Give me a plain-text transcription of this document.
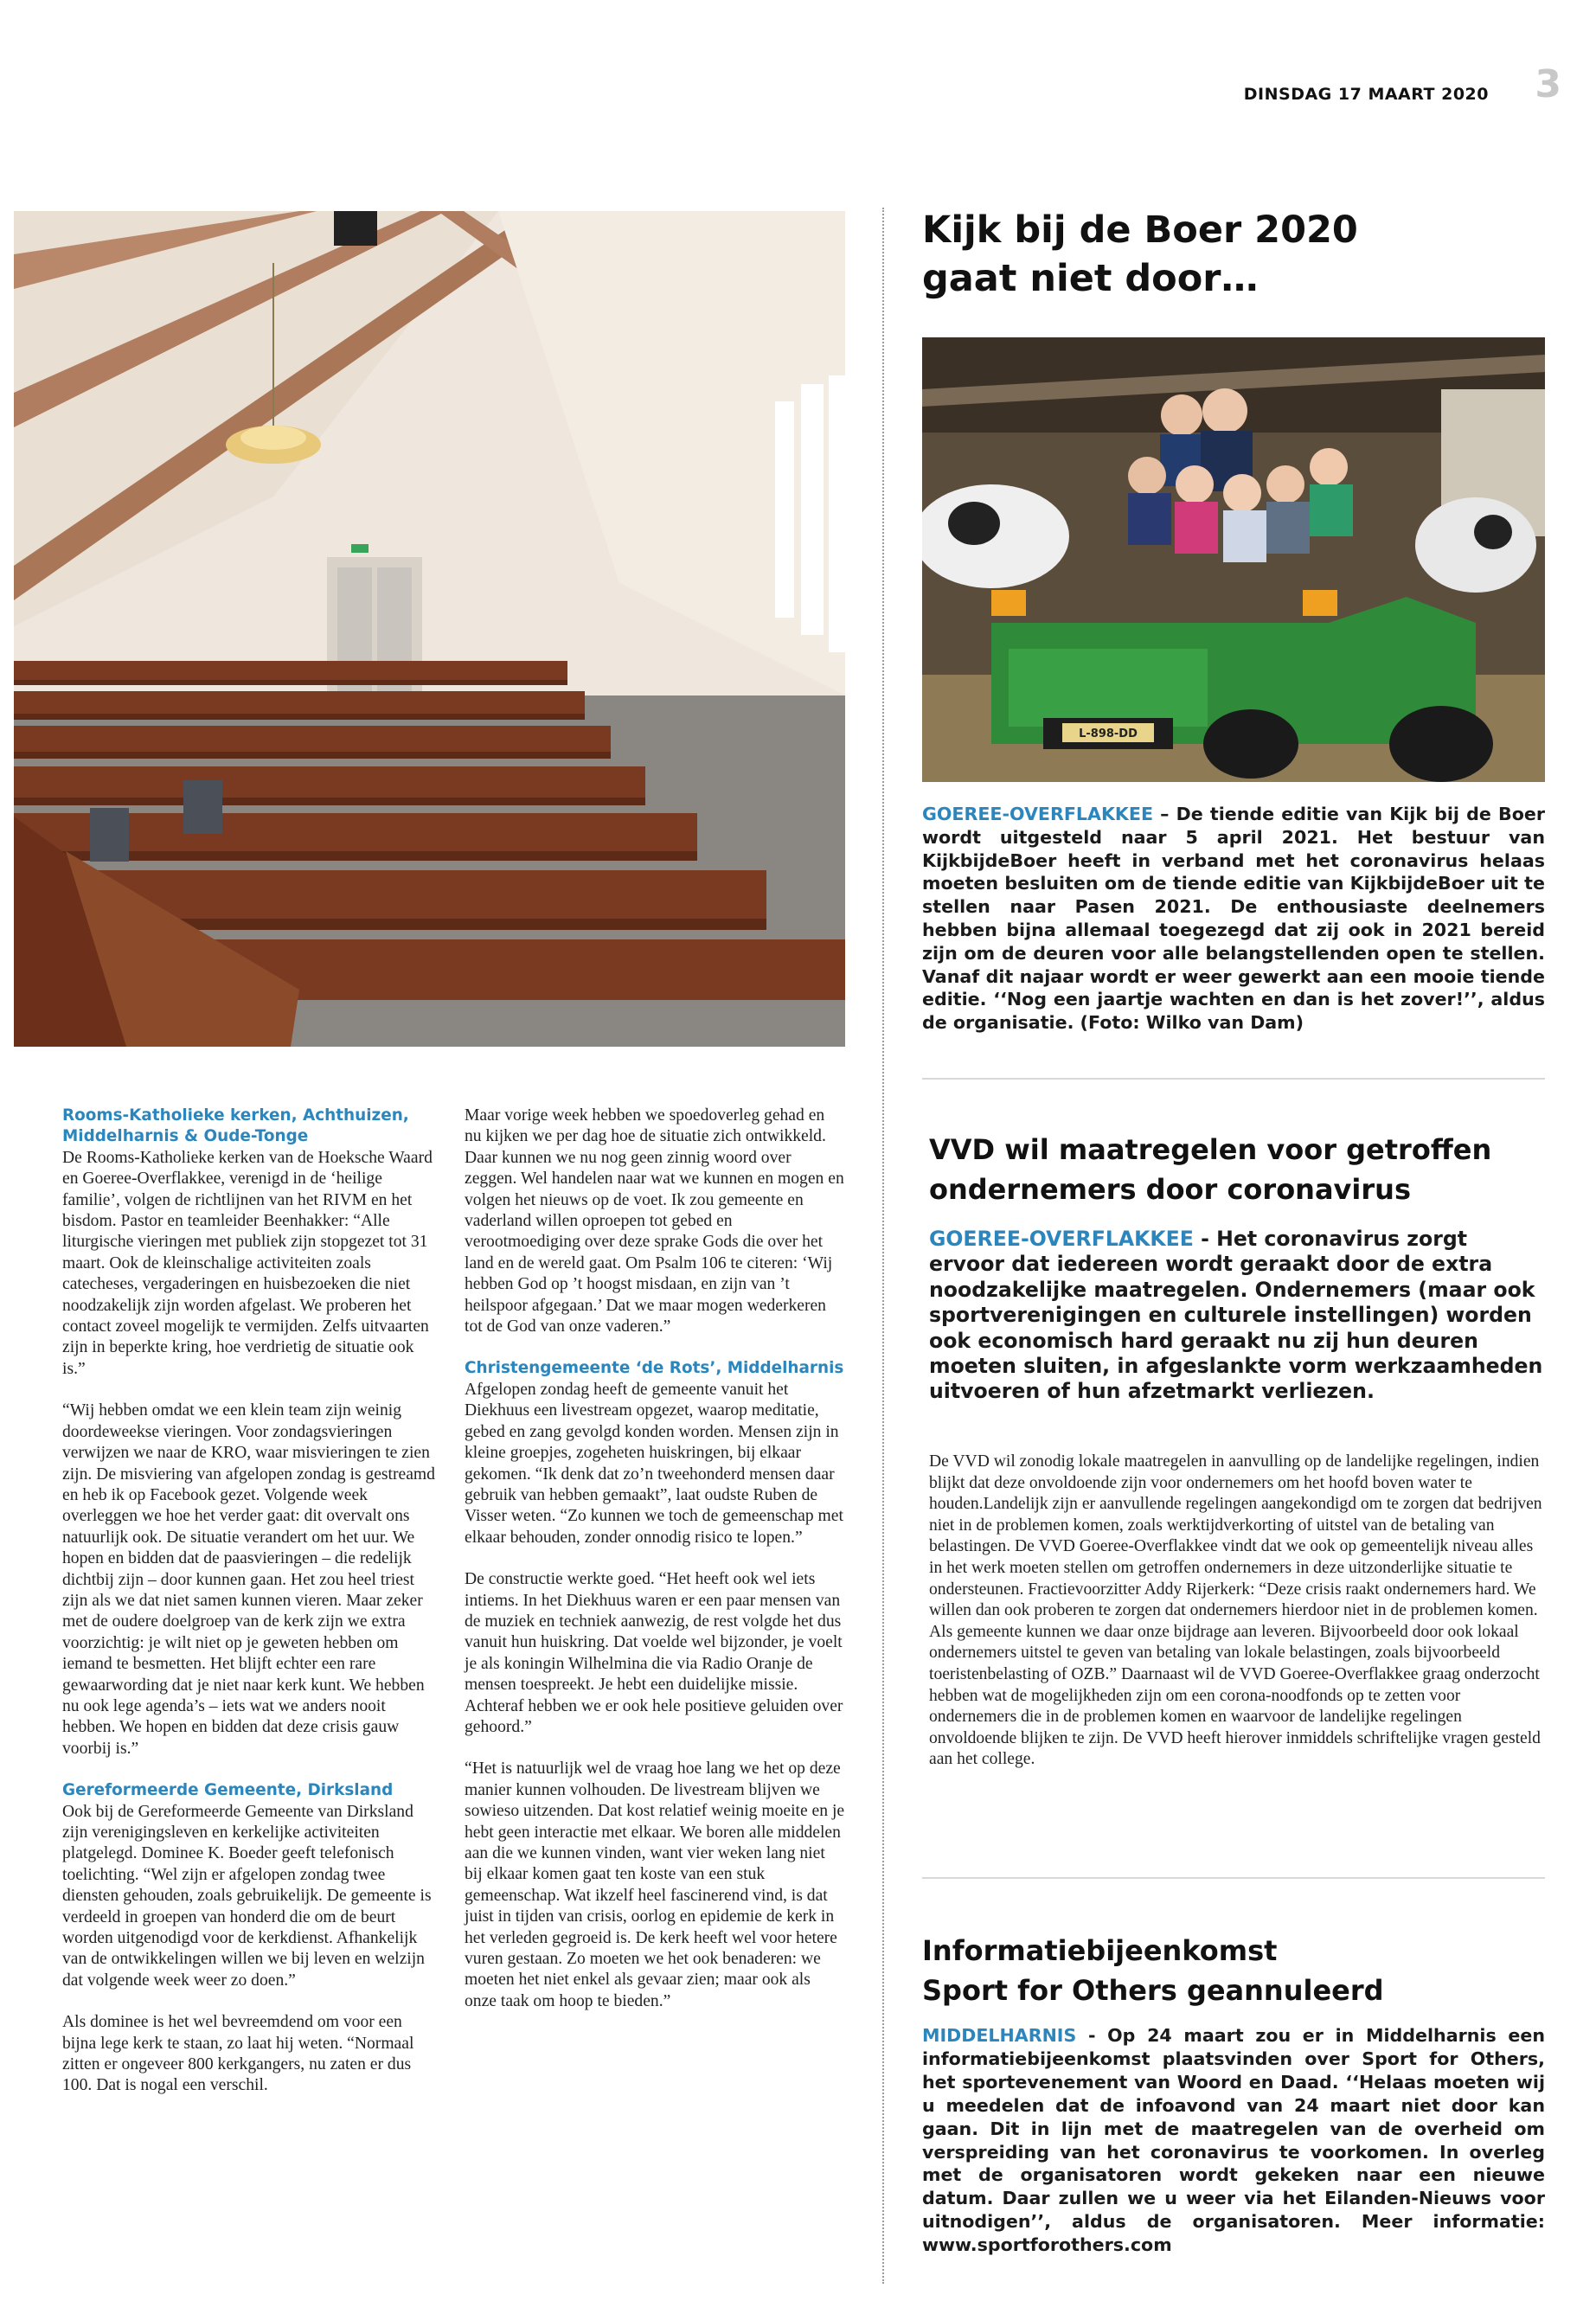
DINSDAG 17 MAART 2020 3
Kijk bij de Boer 2020
gaat niet door…
L-898-DD
GOEREE-OVERFLAKKEE – De tiende editie van Kijk bij de Boer wordt uitgesteld naar 5 april 2021. Het bestuur van KijkbijdeBoer heeft in verband met het coronavirus helaas moeten besluiten om de tiende editie van KijkbijdeBoer uit te stellen naar Pasen 2021. De enthousiaste deelnemers hebben bijna allemaal toegezegd dat zij ook in 2021 bereid zijn om de deuren voor alle belangstellenden open te stellen. Vanaf dit najaar wordt er weer gewerkt aan een mooie tiende editie. ‘‘Nog een jaartje wachten en dan is het zover!’’, aldus de organisatie. (Foto: Wilko van Dam)
VVD wil maatregelen voor getroffen
ondernemers door coronavirus
GOEREE-OVERFLAKKEE - Het coronavirus zorgt ervoor dat iedereen wordt geraakt door de extra noodzakelijke maatregelen. Ondernemers (maar ook sportverenigingen en culturele instellingen) worden ook economisch hard geraakt nu zij hun deuren moeten sluiten, in afgeslankte vorm werkzaamheden uitvoeren of hun afzetmarkt verliezen.
De VVD wil zonodig lokale maatregelen in aanvulling op de landelijke regelingen, indien blijkt dat deze onvoldoende zijn voor ondernemers om het hoofd boven water te houden.Landelijk zijn er aanvullende regelingen aangekondigd om te zorgen dat bedrijven niet in de problemen komen, zoals werktijdverkorting of uitstel van de betaling van belastingen. De VVD Goeree-Overflakkee vindt dat we ook op gemeentelijk niveau alles in het werk moeten stellen om getroffen ondernemers in deze uitzonderlijke situatie te ondersteunen. Fractievoorzitter Addy Rijerkerk: “Deze crisis raakt ondernemers hard. We willen dan ook proberen te zorgen dat ondernemers hierdoor niet in de problemen komen. Als gemeente kunnen we daar onze bijdrage aan leveren. Bijvoorbeeld door ook lokaal ondernemers uitstel te geven van betaling van lokale belastingen, zoals bijvoorbeeld toeristenbelasting of OZB.” Daarnaast wil de VVD Goeree-Overflakkee graag onderzocht hebben wat de mogelijkheden zijn om een corona-noodfonds op te zetten voor ondernemers die in de problemen komen en waarvoor de landelijke regelingen onvoldoende blijken te zijn. De VVD heeft hierover inmiddels schriftelijke vragen gesteld aan het college.
Informatiebijeenkomst
Sport for Others geannuleerd
MIDDELHARNIS - Op 24 maart zou er in Middelharnis een informatiebijeenkomst plaatsvinden over Sport for Others, het sportevenement van Woord en Daad. ‘‘Helaas moeten wij u meedelen dat de infoavond van 24 maart niet door kan gaan. Dit in lijn met de maatregelen van de overheid om verspreiding van het coronavirus te voorkomen. In overleg met de organisatoren wordt gekeken naar een nieuwe datum. Daar zullen we u weer via het Eilanden-Nieuws voor uitnodigen’’, aldus de organisatoren. Meer informatie: www.sportforothers.com
Rooms-Katholieke kerken, Achthuizen, Middelharnis & Oude-Tonge

De Rooms-Katholieke kerken van de Hoeksche Waard en Goeree-Overflakkee, verenigd in de ‘heilige familie’, volgen de richtlijnen van het RIVM en het bisdom. Pastor en teamleider Beenhakker: “Alle liturgische vieringen met publiek zijn stopgezet tot 31 maart. Ook de kleinschalige activiteiten zoals catecheses, vergaderingen en huisbezoeken die niet noodzakelijk zijn worden afgelast. We proberen het contact zoveel mogelijk te vermijden. Zelfs uitvaarten zijn in beperkte kring, hoe verdrietig de situatie ook is.”

“Wij hebben omdat we een klein team zijn weinig doordeweekse vieringen. Voor zondagsvieringen verwijzen we naar de KRO, waar misvieringen te zien zijn. De misviering van afgelopen zondag is gestreamd en heb ik op Facebook gezet. Volgende week overleggen we hoe het verder gaat: dit overvalt ons natuurlijk ook. De situatie verandert om het uur. We hopen en bidden dat de paasvieringen – die redelijk dichtbij zijn – door kunnen gaan. Het zou heel triest zijn als we dat niet samen kunnen vieren. Maar zeker met de oudere doelgroep van de kerk zijn we extra voorzichtig: je wilt niet op je geweten hebben om iemand te besmetten. Het blijft echter een rare gewaarwording dat je niet naar kerk kunt. We hebben nu ook lege agenda’s – iets wat we anders nooit hebben. We hopen en bidden dat deze crisis gauw voorbij is.”

Gereformeerde Gemeente, Dirksland

Ook bij de Gereformeerde Gemeente van Dirksland zijn verenigingsleven en kerkelijke activiteiten platgelegd. Dominee K. Boeder geeft telefonisch toelichting. “Wel zijn er afgelopen zondag twee diensten gehouden, zoals gebruikelijk. De gemeente is verdeeld in groepen van honderd die om de beurt worden uitgenodigd voor de kerkdienst. Afhankelijk van de ontwikkelingen willen we bij leven en welzijn dat volgende week weer zo doen.”

Als dominee is het wel bevreemdend om voor een bijna lege kerk te staan, zo laat hij weten. “Normaal zitten er ongeveer 800 kerkgangers, nu zaten er dus 100. Dat is nogal een verschil.

Maar vorige week hebben we spoedoverleg gehad en nu kijken we per dag hoe de situatie zich ontwikkeld. Daar kunnen we nu nog geen zinnig woord over zeggen. Wel handelen naar wat we kunnen en mogen en volgen het nieuws op de voet. Ik zou gemeente en vaderland willen oproepen tot gebed en verootmoediging over deze sprake Gods die over het land en de wereld gaat. Om Psalm 106 te citeren: ‘Wij hebben God op ’t hoogst misdaan, en zijn van ’t heilspoor afgegaan.’ Dat we maar mogen wederkeren tot de God van onze vaderen.”

Christengemeente ‘de Rots’, Middelharnis

Afgelopen zondag heeft de gemeente vanuit het Diekhuus een livestream opgezet, waarop meditatie, gebed en zang gevolgd konden worden. Mensen zijn in kleine groepjes, zogeheten huiskringen, bij elkaar gekomen. “Ik denk dat zo’n tweehonderd mensen daar gebruik van hebben gemaakt”, laat oudste Ruben de Visser weten. “Zo kunnen we toch de gemeenschap met elkaar behouden, zonder onnodig risico te lopen.”

De constructie werkte goed. “Het heeft ook wel iets intiems. In het Diekhuus waren er een paar mensen van de muziek en techniek aanwezig, de rest volgde het dus vanuit hun huiskring. Dat voelde wel bijzonder, je voelt je als koningin Wilhelmina die via Radio Oranje de mensen toespreekt. Je hebt een duidelijke missie. Achteraf hebben we er ook hele positieve geluiden over gehoord.”

“Het is natuurlijk wel de vraag hoe lang we het op deze manier kunnen volhouden. De livestream blijven we sowieso uitzenden. Dat kost relatief weinig moeite en je hebt geen interactie met elkaar. We boren alle middelen aan die we kunnen vinden, want vier weken lang niet bij elkaar komen gaat ten koste van een stuk gemeenschap. Wat ikzelf heel fascinerend vind, is dat juist in tijden van crisis, oorlog en epidemie de kerk in het verleden gegroeid is. De kerk heeft wel voor hetere vuren gestaan. Zo moeten we het ook benaderen: we moeten het niet enkel als gevaar zien; maar ook als onze taak om hoop te bieden.”
